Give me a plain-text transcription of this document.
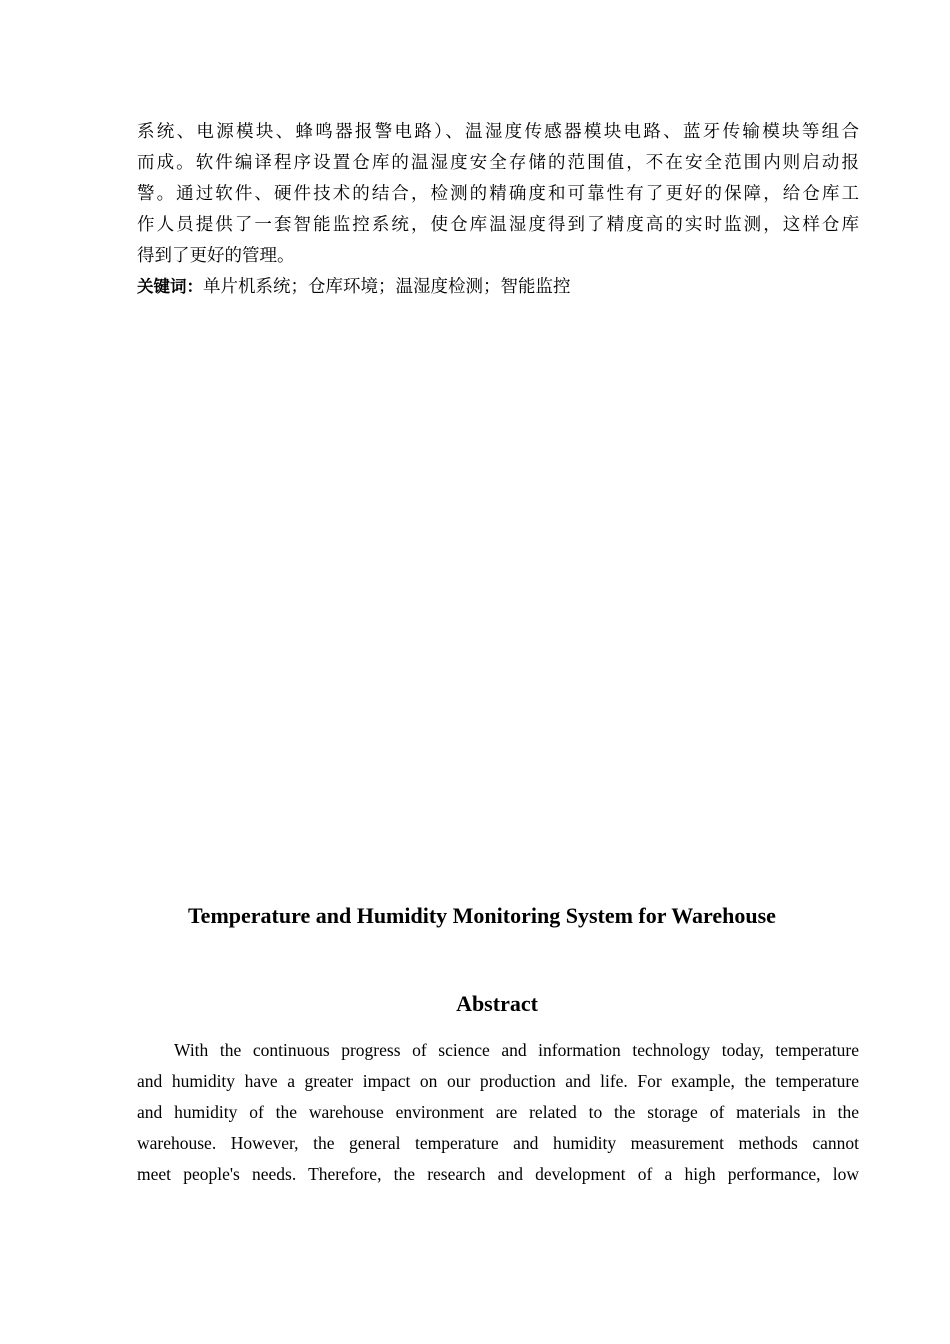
系统、电源模块、蜂鸣器报警电路）、温湿度传感器模块电路、蓝牙传输模块等组合
而成。软件编译程序设置仓库的温湿度安全存储的范围值，不在安全范围内则启动报
警。通过软件、硬件技术的结合，检测的精确度和可靠性有了更好的保障，给仓库工
作人员提供了一套智能监控系统，使仓库温湿度得到了精度高的实时监测，这样仓库
得到了更好的管理。
关键词：单片机系统；仓库环境；温湿度检测；智能监控
Temperature and Humidity Monitoring System for Warehouse
Abstract
With the continuous progress of science and information technology today, temperature
and humidity have a greater impact on our production and life. For example, the temperature
and humidity of the warehouse environment are related to the storage of materials in the
warehouse. However, the general temperature and humidity measurement methods cannot
meet people's needs. Therefore, the research and development of a high performance, low
